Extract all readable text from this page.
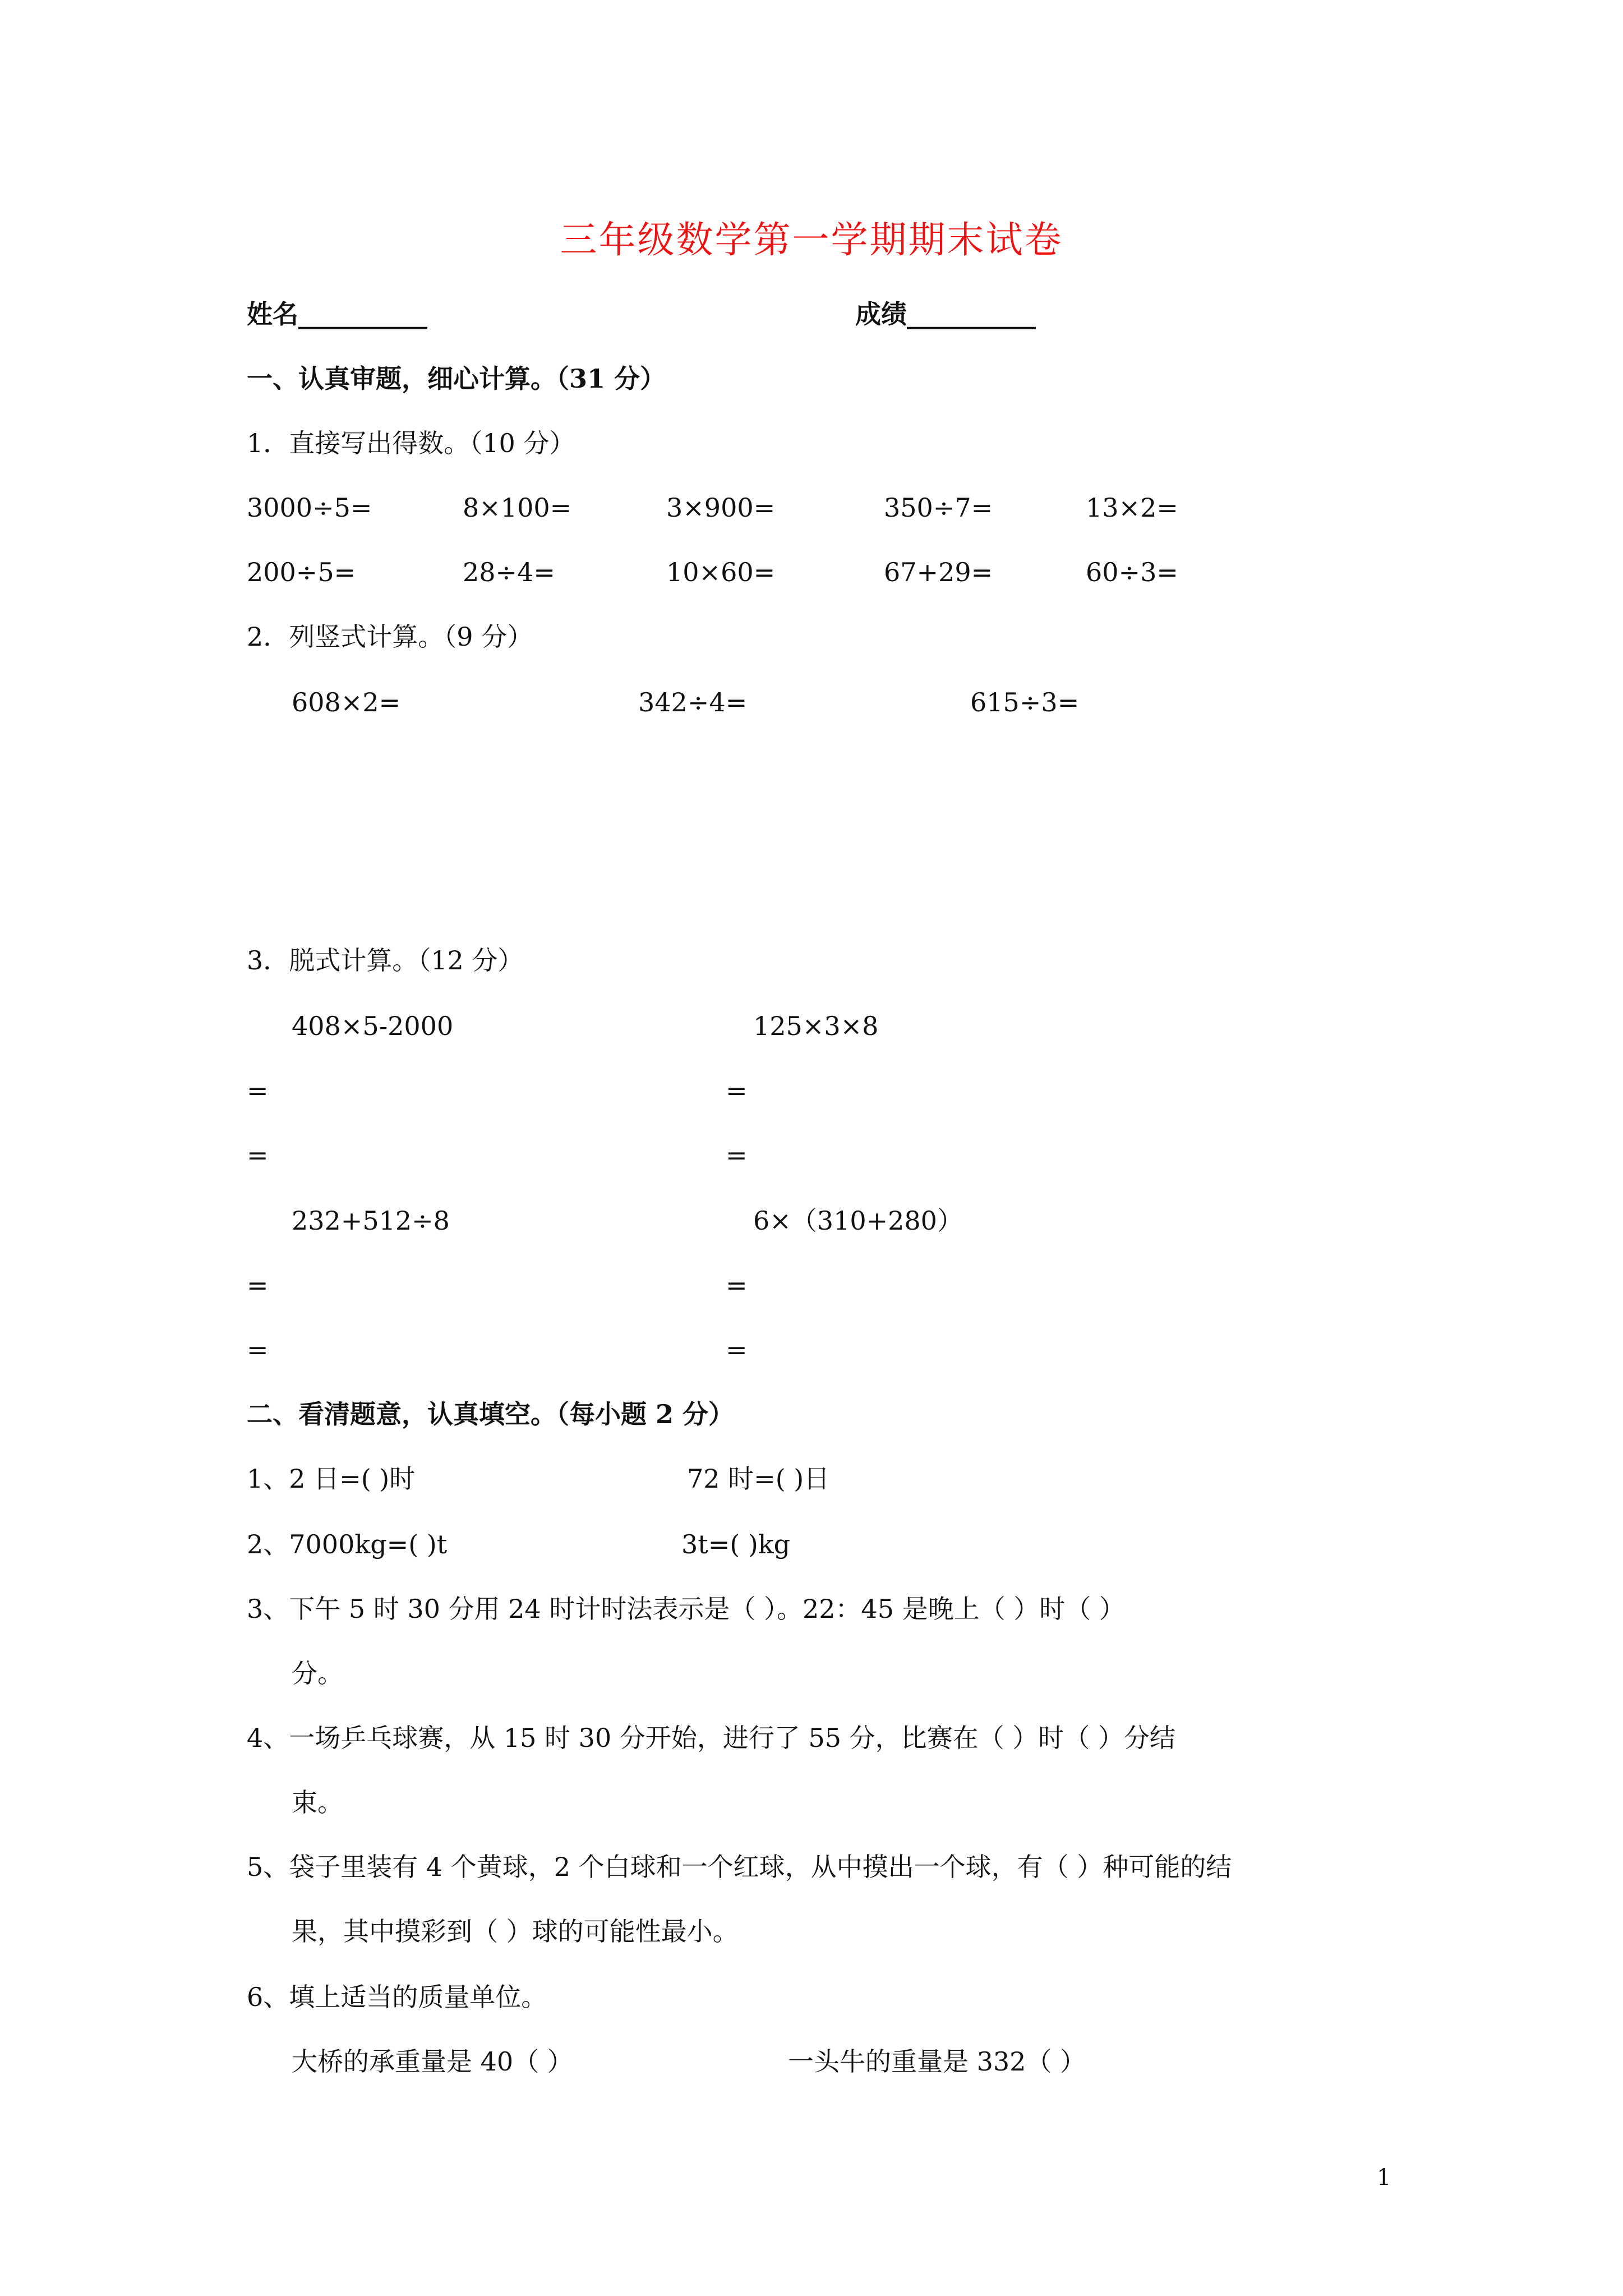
三年级数学第一学期期末试卷
姓名__________	成绩__________
一、认真审题，细心计算。（31 分）
1．直接写出得数。（10 分）
3000÷5=	8×100=	3×900=	350÷7=	13×2=
200÷5=	28÷4=	10×60=	67+29=	60÷3=
2．列竖式计算。（9 分）
608×2=	342÷4=	615÷3=
3．脱式计算。（12 分）
408×5-2000	125×3×8
=	=
=	=
232+512÷8	6×（310+280）
=	=
=	=
二、看清题意，认真填空。（每小题 2 分）
1、2 日=( )时	72 时=( )日
2、7000kg=( )t	3t=( )kg
3、下午 5 时 30 分用 24 时计时法表示是（ ）。22：45 是晚上（ ）时（ ）
分。
4、一场乒乓球赛，从 15 时 30 分开始，进行了 55 分，比赛在（ ）时（ ）分结
束。
5、袋子里装有 4 个黄球，2 个白球和一个红球，从中摸出一个球，有（ ）种可能的结
果，其中摸彩到（ ）球的可能性最小。
6、填上适当的质量单位。
大桥的承重量是 40（ ）	一头牛的重量是 332（ ）
1
